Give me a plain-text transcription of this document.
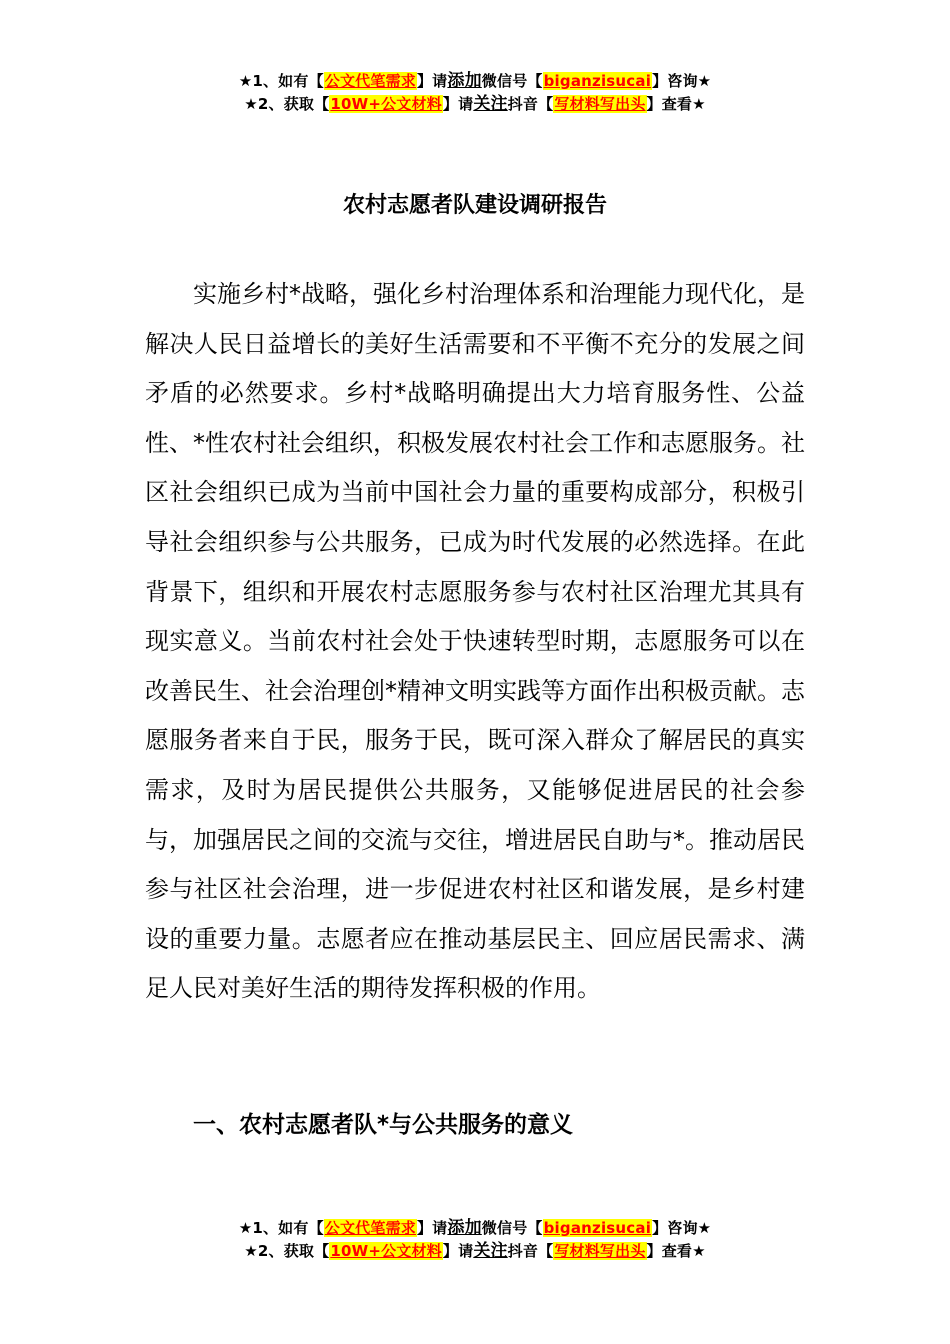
★1、如有【公文代笔需求】请添加微信号【biganzisucai】咨询★
★2、获取【10W+公文材料】请关注抖音【写材料写出头】查看★
农村志愿者队建设调研报告

实施乡村*战略，强化乡村治理体系和治理能力现代化，是解决人民日益增长的美好生活需要和不平衡不充分的发展之间矛盾的必然要求。乡村*战略明确提出大力培育服务性、公益性、*性农村社会组织，积极发展农村社会工作和志愿服务。社区社会组织已成为当前中国社会力量的重要构成部分，积极引导社会组织参与公共服务，已成为时代发展的必然选择。在此背景下，组织和开展农村志愿服务参与农村社区治理尤其具有现实意义。当前农村社会处于快速转型时期，志愿服务可以在改善民生、社会治理创*精神文明实践等方面作出积极贡献。志愿服务者来自于民，服务于民，既可深入群众了解居民的真实需求，及时为居民提供公共服务，又能够促进居民的社会参与，加强居民之间的交流与交往，增进居民自助与*。推动居民参与社区社会治理，进一步促进农村社区和谐发展，是乡村建设的重要力量。志愿者应在推动基层民主、回应居民需求、满足人民对美好生活的期待发挥积极的作用。

一、农村志愿者队*与公共服务的意义
★1、如有【公文代笔需求】请添加微信号【biganzisucai】咨询★
★2、获取【10W+公文材料】请关注抖音【写材料写出头】查看★
